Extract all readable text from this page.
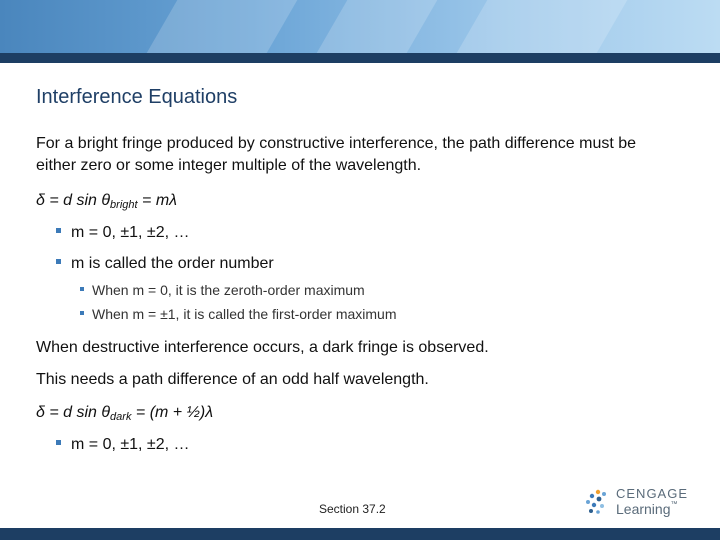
Interference Equations
For a bright fringe produced by constructive interference, the path difference must be either zero or some integer multiple of the wavelength.
δ = d $\sin \theta_{bright} = m\lambda$
m = 0, ±1, ±2, …
m is called the order number
When m = 0, it is the zeroth-order maximum
When m = ±1, it is called the first-order maximum
When destructive interference occurs, a dark fringe is observed.
This needs a path difference of an odd half wavelength.
δ = d $\sin \theta_{dark} = (m$ + ½)λ
m = 0, ±1, ±2, …
Section 37.2
CENGAGE
Learning™
